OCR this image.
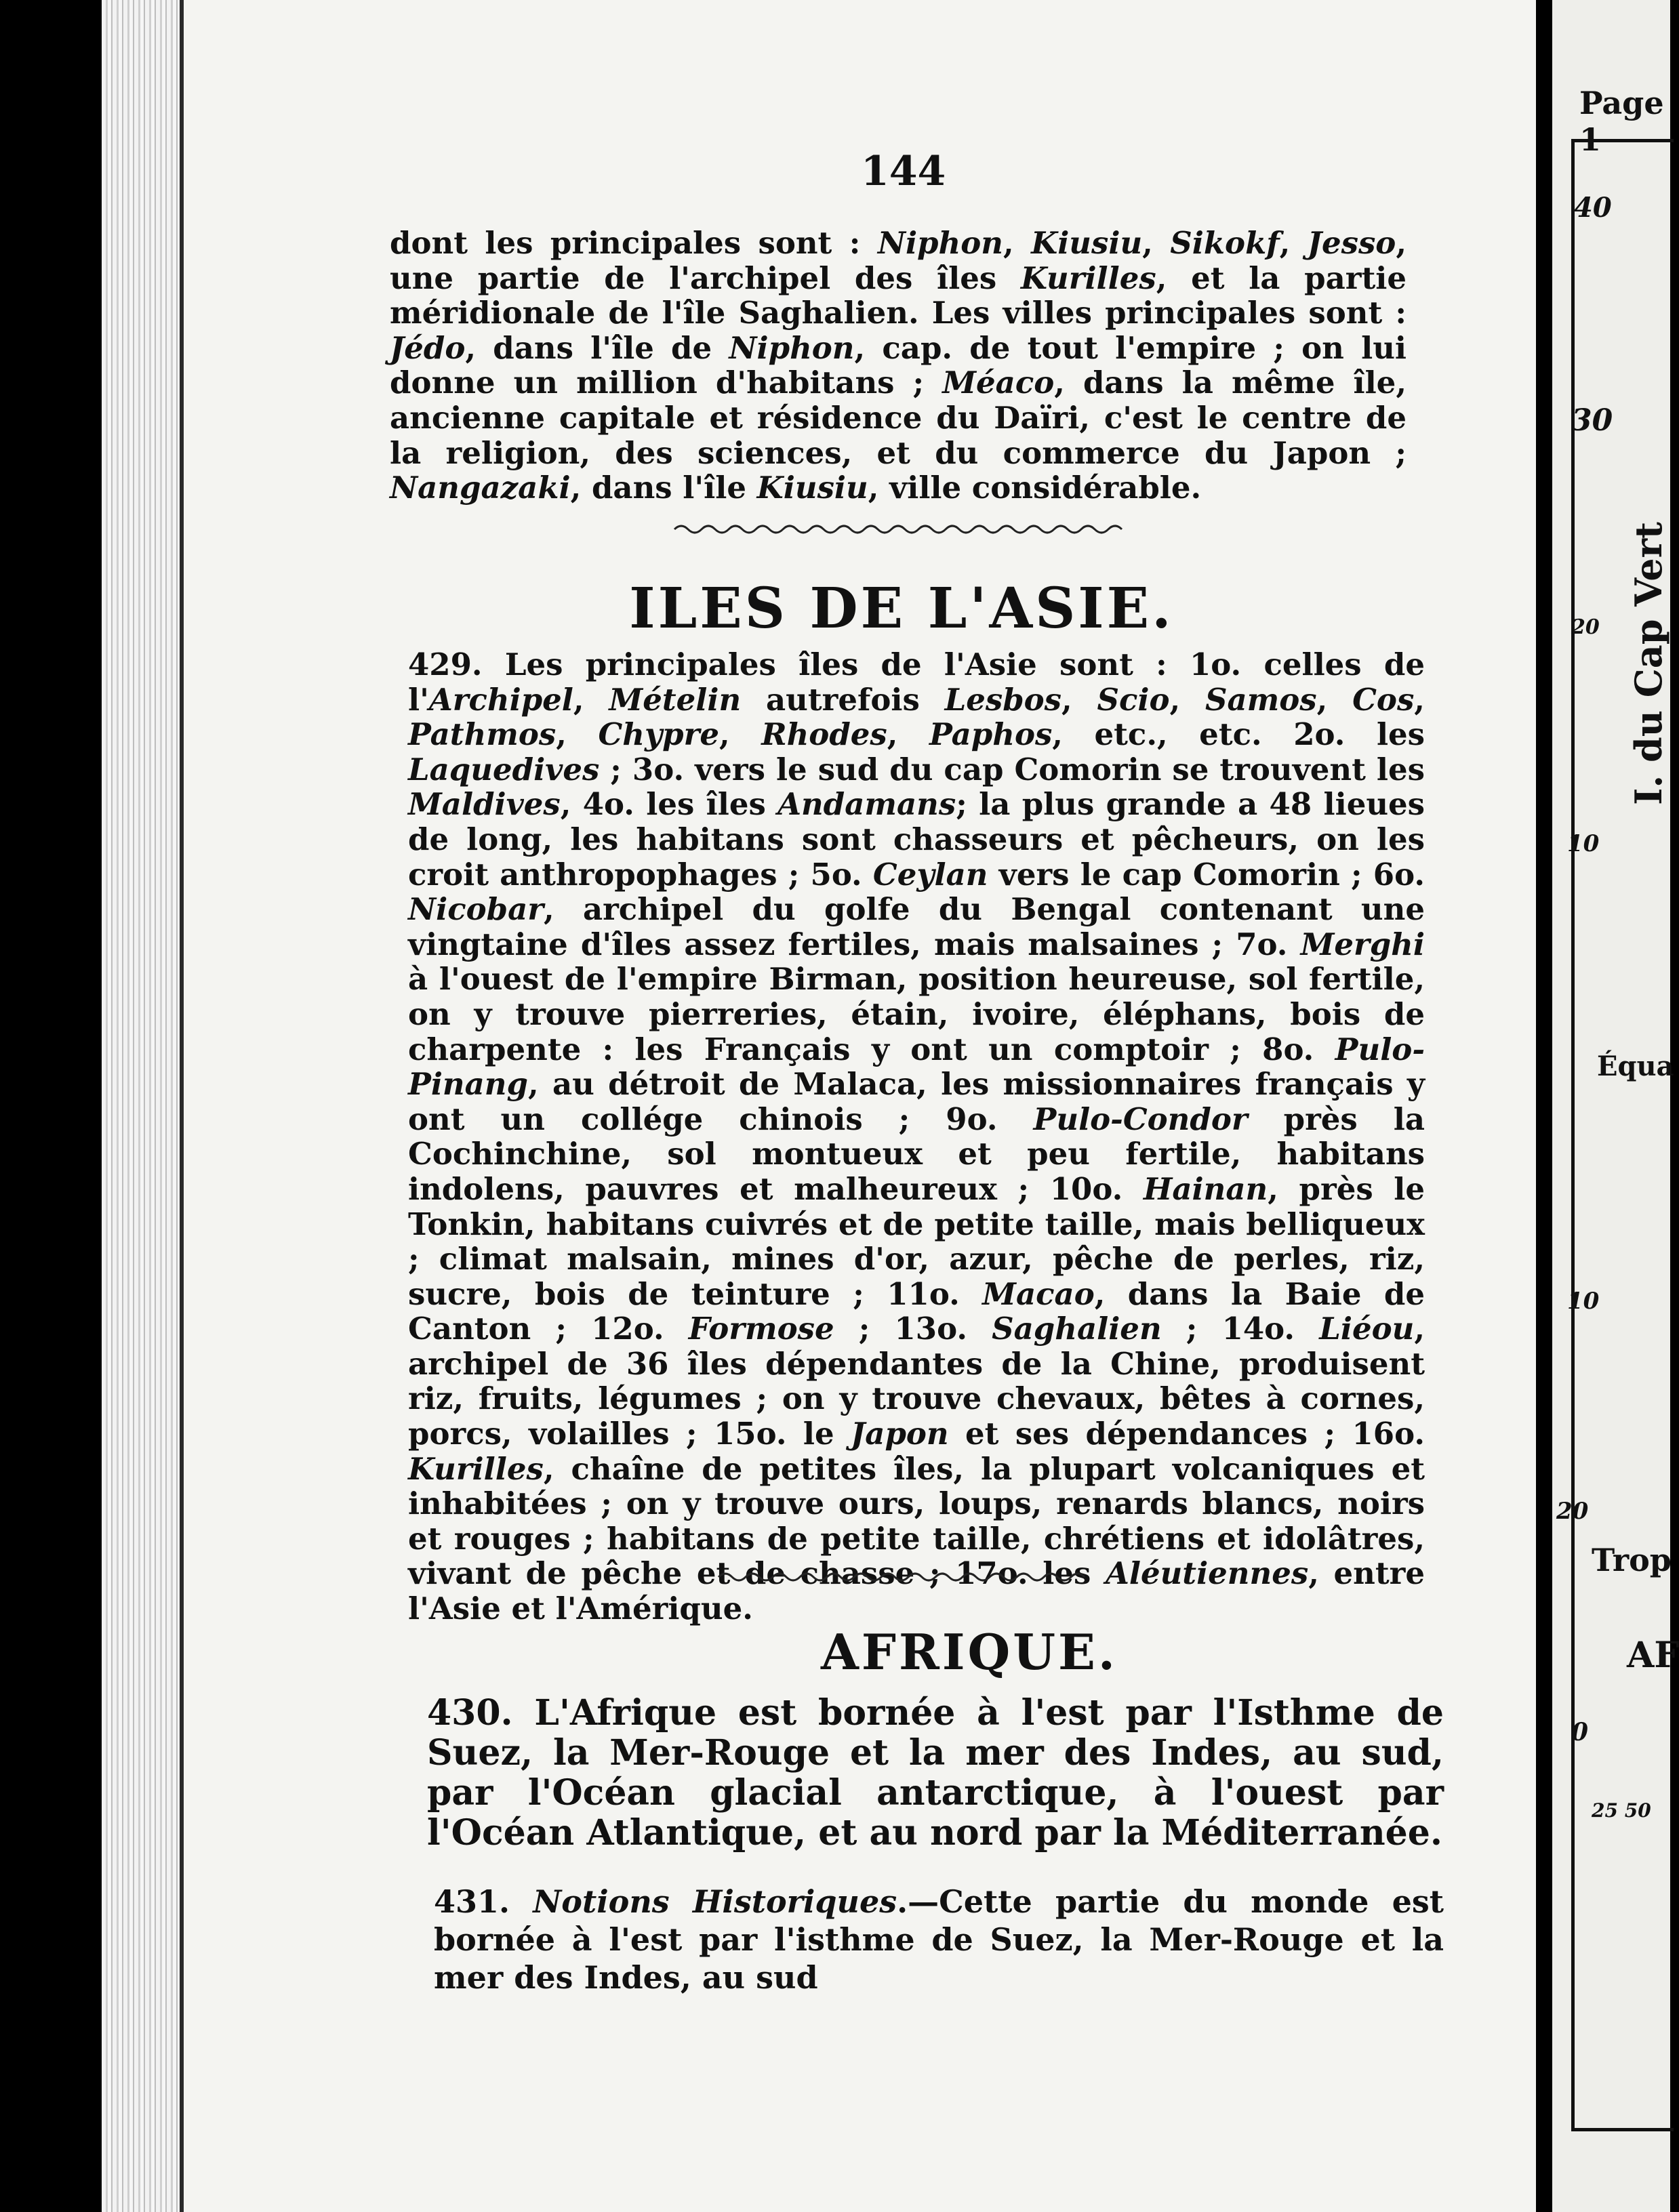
144

dont les principales sont : Niphon, Kiusiu, Sikokf, Jesso, une partie de l'archipel des îles Kurilles, et la partie méridionale de l'île Saghalien. Les villes principales sont : Jédo, dans l'île de Niphon, cap. de tout l'empire ; on lui donne un million d'habitans ; Méaco, dans la même île, ancienne capitale et résidence du Daïri, c'est le centre de la religion, des sciences, et du commerce du Japon ; Nangazaki, dans l'île Kiusiu, ville considérable.

ILES DE L'ASIE.

429. Les principales îles de l'Asie sont : 1o. celles de l'Archipel, Mételin autrefois Lesbos, Scio, Samos, Cos, Pathmos, Chypre, Rhodes, Paphos, etc., etc. 2o. les Laquedives ; 3o. vers le sud du cap Comorin se trouvent les Maldives, 4o. les îles Andamans; la plus grande a 48 lieues de long, les habitans sont chasseurs et pêcheurs, on les croit anthropophages ; 5o. Ceylan vers le cap Comorin ; 6o. Nicobar, archipel du golfe du Bengal contenant une vingtaine d'îles assez fertiles, mais malsaines ; 7o. Merghi à l'ouest de l'empire Birman, position heureuse, sol fertile, on y trouve pierreries, étain, ivoire, éléphans, bois de charpente : les Français y ont un comptoir ; 8o. Pulo-Pinang, au détroit de Malaca, les missionnaires français y ont un collége chinois ; 9o. Pulo-Condor près la Cochinchine, sol montueux et peu fertile, habitans indolens, pauvres et malheureux ; 10o. Hainan, près le Tonkin, habitans cuivrés et de petite taille, mais belliqueux ; climat malsain, mines d'or, azur, pêche de perles, riz, sucre, bois de teinture ; 11o. Macao, dans la Baie de Canton ; 12o. Formose ; 13o. Saghalien ; 14o. Liéou, archipel de 36 îles dépendantes de la Chine, produisent riz, fruits, légumes ; on y trouve chevaux, bêtes à cornes, porcs, volailles ; 15o. le Japon et ses dépendances ; 16o. Kurilles, chaîne de petites îles, la plupart volcaniques et inhabitées ; on y trouve ours, loups, renards blancs, noirs et rouges ; habitans de petite taille, chrétiens et idolâtres, vivant de pêche et de chasse ; 17o. les Aléutiennes, entre l'Asie et l'Amérique.

AFRIQUE.

430. L'Afrique est bornée à l'est par l'Isthme de Suez, la Mer-Rouge et la mer des Indes, au sud, par l'Océan glacial antarctique, à l'ouest par l'Océan Atlantique, et au nord par la Méditerranée.

431. Notions Historiques.—Cette partie du monde est bornée à l'est par l'isthme de Suez, la Mer-Rouge et la mer des Indes, au sud

Page 1
40
30
20
10
Équa
10
20
Trop
AF
0
25 50
I. du Cap Vert
